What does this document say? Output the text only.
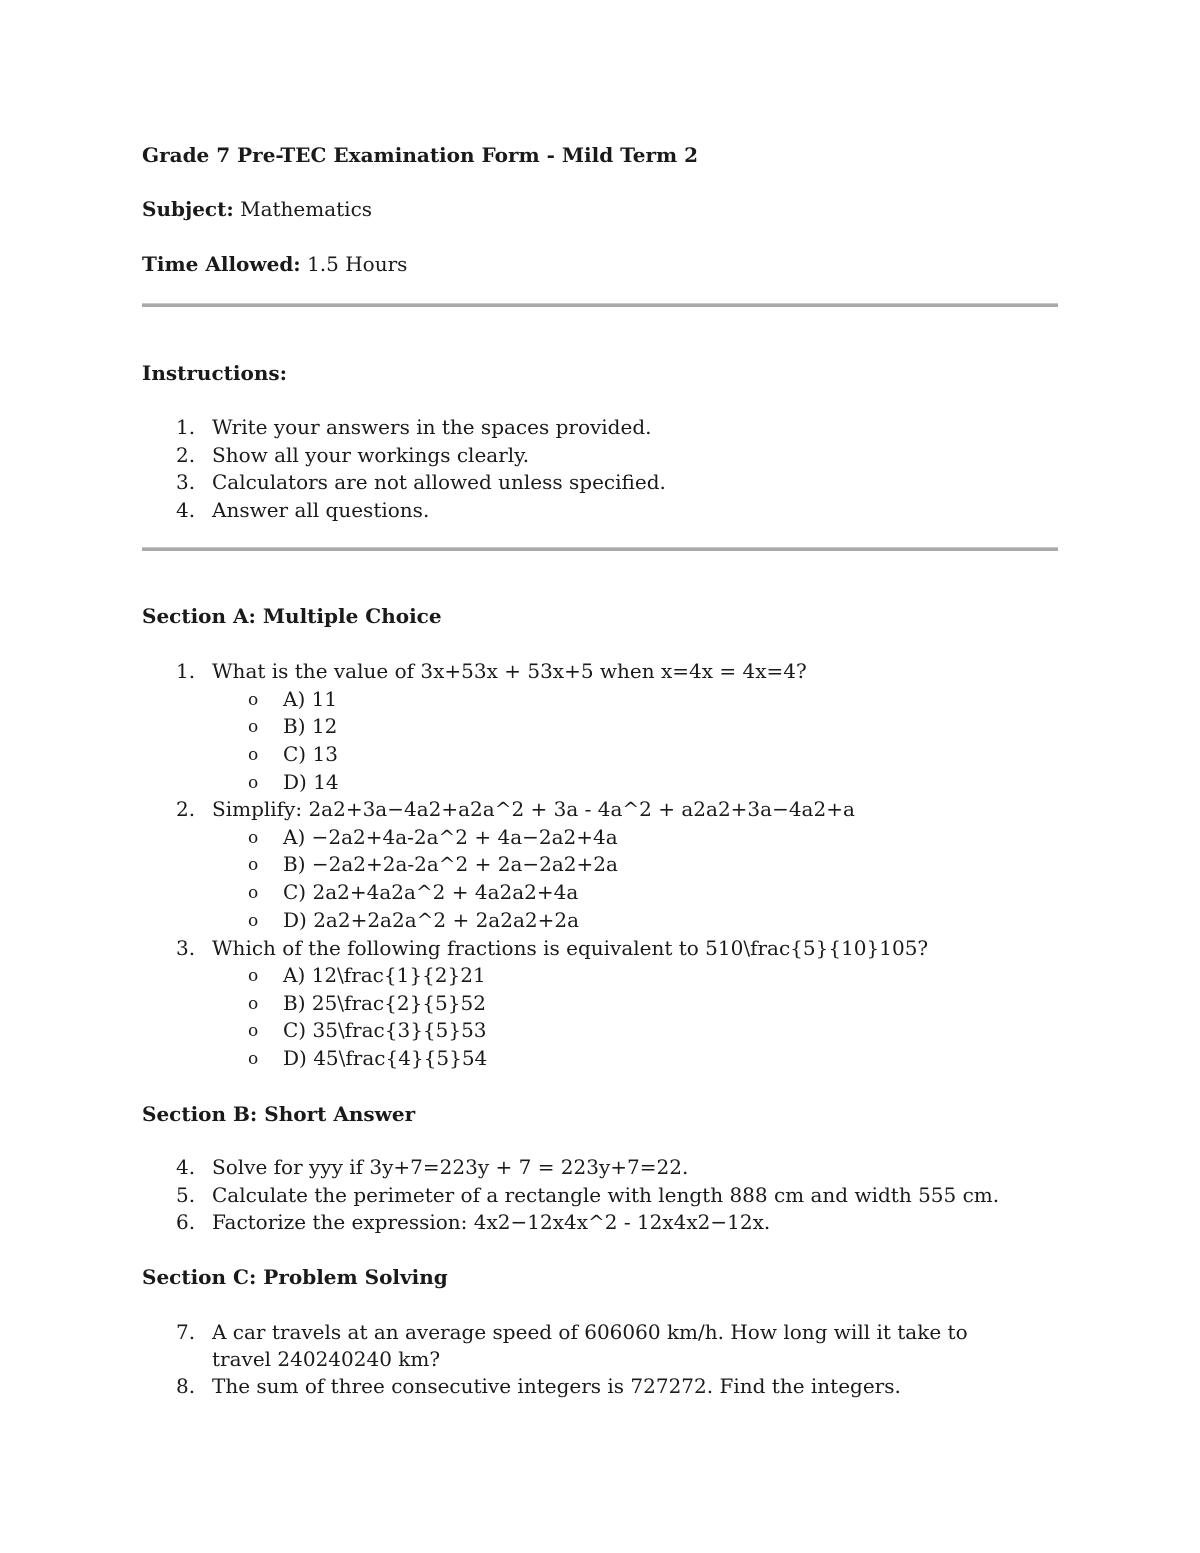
Grade 7 Pre-TEC Examination Form - Mild Term 2
Subject: Mathematics
Time Allowed: 1.5 Hours
Instructions:
1. Write your answers in the spaces provided.
2. Show all your workings clearly.
3. Calculators are not allowed unless specified.
4. Answer all questions.
Section A: Multiple Choice
1. What is the value of 3x+53x + 53x+5 when x=4x = 4x=4?
o A) 11
o B) 12
o C) 13
o D) 14
2. Simplify: 2a2+3a−4a2+a2a^2 + 3a - 4a^2 + a2a2+3a−4a2+a
o A) −2a2+4a-2a^2 + 4a−2a2+4a
o B) −2a2+2a-2a^2 + 2a−2a2+2a
o C) 2a2+4a2a^2 + 4a2a2+4a
o D) 2a2+2a2a^2 + 2a2a2+2a
3. Which of the following fractions is equivalent to 510\frac{5}{10}105?
o A) 12\frac{1}{2}21
o B) 25\frac{2}{5}52
o C) 35\frac{3}{5}53
o D) 45\frac{4}{5}54
Section B: Short Answer
4. Solve for yyy if 3y+7=223y + 7 = 223y+7=22.
5. Calculate the perimeter of a rectangle with length 888 cm and width 555 cm.
6. Factorize the expression: 4x2−12x4x^2 - 12x4x2−12x.
Section C: Problem Solving
7. A car travels at an average speed of 606060 km/h. How long will it take to travel 240240240 km?
8. The sum of three consecutive integers is 727272. Find the integers.
